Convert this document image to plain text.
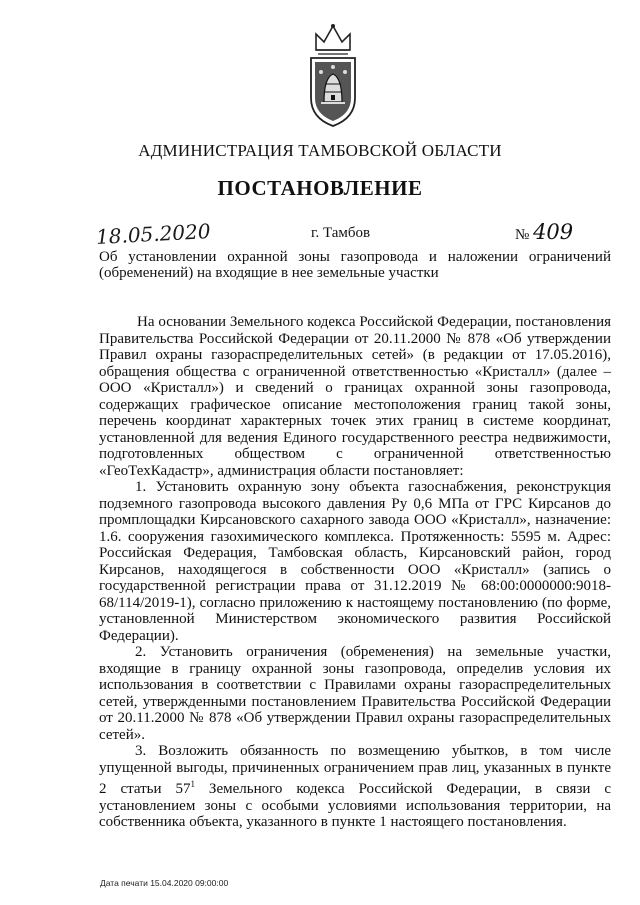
АДМИНИСТРАЦИЯ ТАМБОВСКОЙ ОБЛАСТИ
ПОСТАНОВЛЕНИЕ
18.05.2020	г. Тамбов	№ 409
Об установлении охранной зоны газопровода и наложении ограничений (обременений) на входящие в нее земельные участки

На основании Земельного кодекса Российской Федерации, постановления Правительства Российской Федерации от 20.11.2000 № 878 «Об утверждении Правил охраны газораспределительных сетей» (в редакции от 17.05.2016), обращения общества с ограниченной ответственностью «Кристалл» (далее – ООО «Кристалл») и сведений о границах охранной зоны газопровода, содержащих графическое описание местоположения границ такой зоны, перечень координат характерных точек этих границ в системе координат, установленной для ведения Единого государственного реестра недвижимости, подготовленных обществом с ограниченной ответственностью «ГеоТехКадастр», администрация области постановляет:

1. Установить охранную зону объекта газоснабжения, реконструкция подземного газопровода высокого давления Ру 0,6 МПа от ГРС Кирсанов до промплощадки Кирсановского сахарного завода ООО «Кристалл», назначение: 1.6. сооружения газохимического комплекса. Протяженность: 5595 м. Адрес: Российская Федерация, Тамбовская область, Кирсановский район, город Кирсанов, находящегося в собственности ООО «Кристалл» (запись о государственной регистрации права от 31.12.2019 № 68:00:0000000:9018-68/114/2019-1), согласно приложению к настоящему постановлению (по форме, установленной Министерством экономического развития Российской Федерации).

2. Установить ограничения (обременения) на земельные участки, входящие в границу охранной зоны газопровода, определив условия их использования в соответствии с Правилами охраны газораспределительных сетей, утвержденными постановлением Правительства Российской Федерации от 20.11.2000 № 878 «Об утверждении Правил охраны газораспределительных сетей».

3. Возложить обязанность по возмещению убытков, в том числе упущенной выгоды, причиненных ограничением прав лиц, указанных в пункте 2 статьи $57^1$ Земельного кодекса Российской Федерации, в связи с установлением зоны с особыми условиями использования территории, на собственника объекта, указанного в пункте 1 настоящего постановления.

Дата печати 15.04.2020 09:00:00
